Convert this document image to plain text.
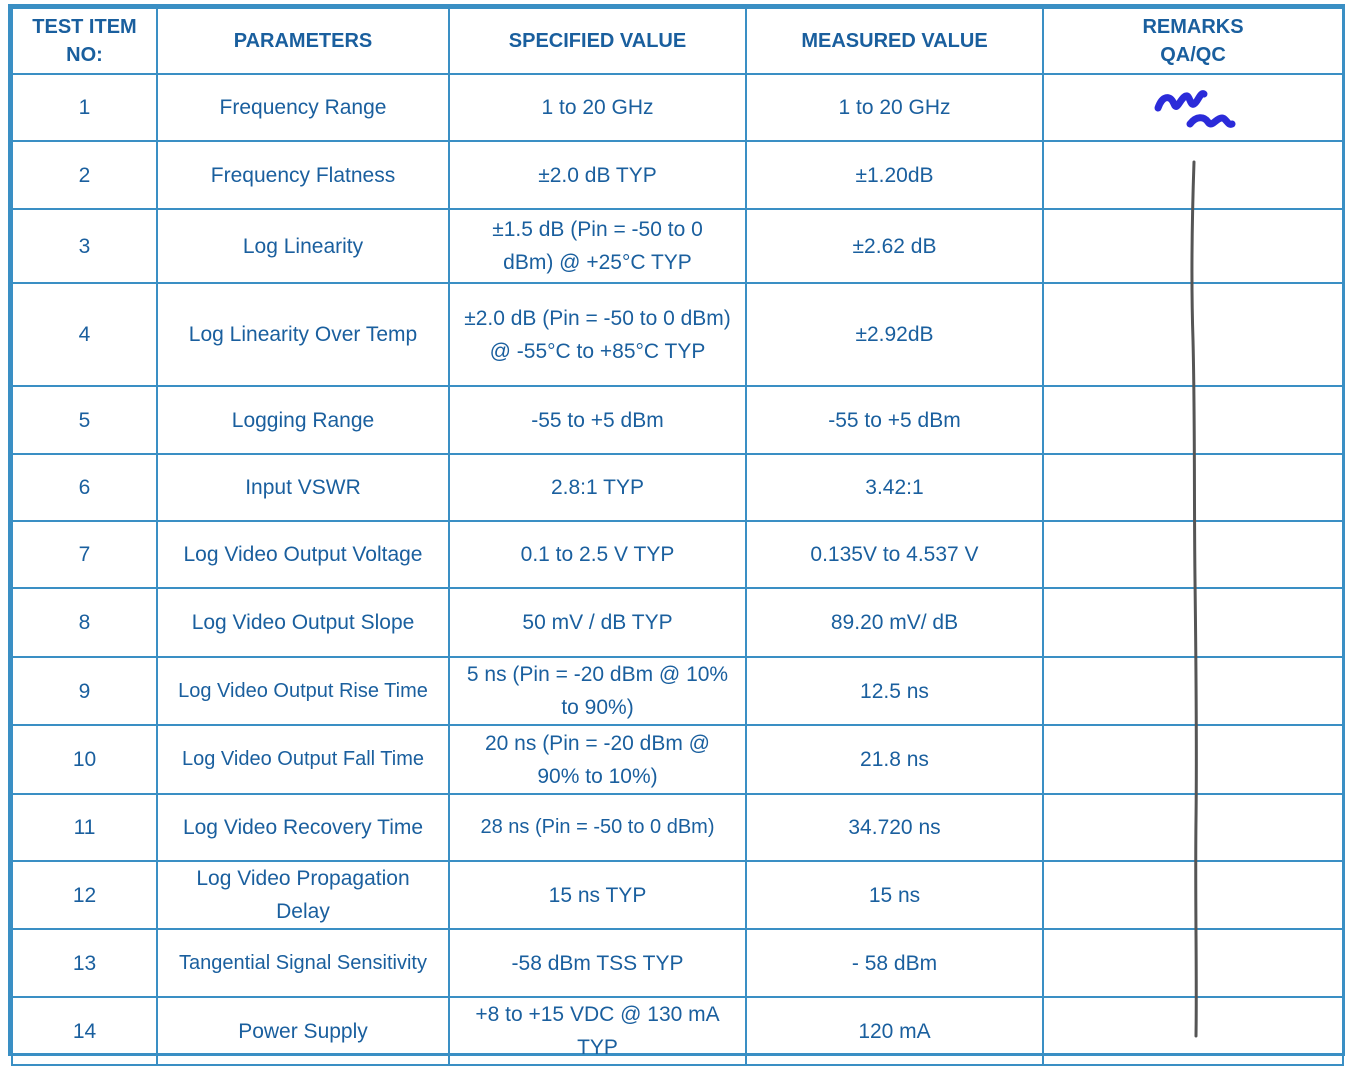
TEST ITEM NO:	PARAMETERS	SPECIFIED VALUE	MEASURED VALUE	REMARKS QA/QC
1	Frequency Range	1 to 20 GHz	1 to 20 GHz	
2	Frequency Flatness	±2.0 dB TYP	±1.20dB	
3	Log Linearity	±1.5 dB (Pin = -50 to 0 dBm) @ +25°C TYP	±2.62 dB	
4	Log Linearity Over Temp	±2.0 dB (Pin = -50 to 0 dBm) @ -55°C to +85°C TYP	±2.92dB	
5	Logging Range	-55 to +5 dBm	-55 to +5 dBm	
6	Input VSWR	2.8:1 TYP	3.42:1	
7	Log Video Output Voltage	0.1 to 2.5 V TYP	0.135V to 4.537 V	
8	Log Video Output Slope	50 mV / dB TYP	89.20 mV/ dB	
9	Log Video Output Rise Time	5 ns (Pin = -20 dBm @ 10% to 90%)	12.5 ns	
10	Log Video Output Fall Time	20 ns (Pin = -20 dBm @ 90% to 10%)	21.8 ns	
11	Log Video Recovery Time	28 ns (Pin = -50 to 0 dBm)	34.720 ns	
12	Log Video Propagation Delay	15 ns TYP	15 ns	
13	Tangential Signal Sensitivity	-58 dBm TSS TYP	- 58 dBm	
14	Power Supply	+8 to +15 VDC @ 130 mA TYP	120 mA	
